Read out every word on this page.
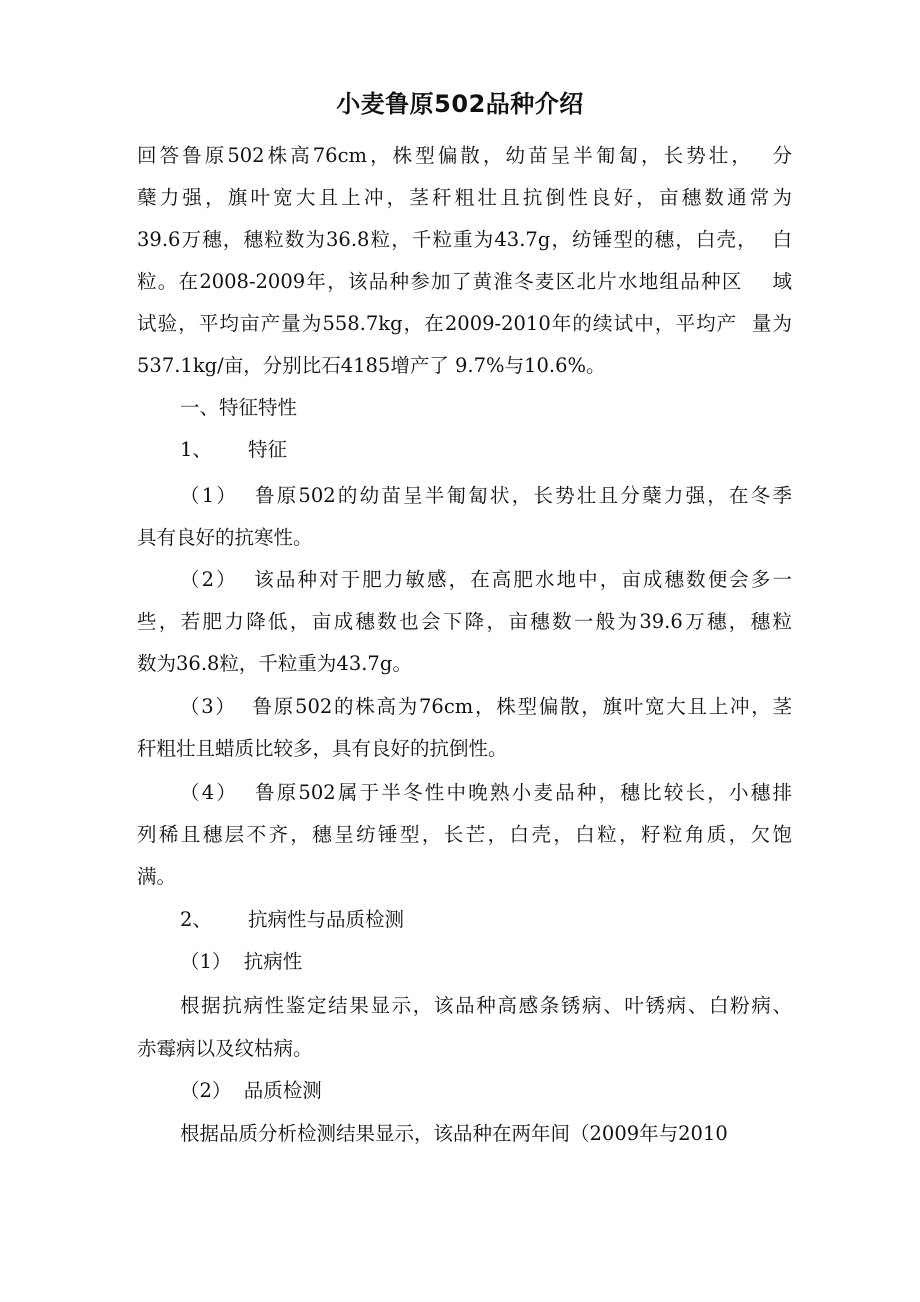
小麦鲁原502品种介绍
回答鲁原502株高76cm，株型偏散，幼苗呈半匍匐，长势壮，  分
蘖力强，旗叶宽大且上冲，茎秆粗壮且抗倒性良好，亩穗数通常为
39.6万穗，穗粒数为36.8粒，千粒重为43.7g，纺锤型的穗，白壳，  白
粒。在2008-2009年，该品种参加了黄淮冬麦区北片水地组品种区    域
试验，平均亩产量为558.7kg，在2009-2010年的续试中，平均产  量为
537.1kg/亩，分别比石4185增产了 9.7%与10.6%。
一、特征特性
1、 特征
（1）  鲁原502的幼苗呈半匍匐状，长势壮且分蘖力强，在冬季
具有良好的抗寒性。
（2）  该品种对于肥力敏感，在高肥水地中，亩成穗数便会多一
些，若肥力降低，亩成穗数也会下降，亩穗数一般为39.6万穗，穗粒
数为36.8粒，千粒重为43.7g。
（3）  鲁原502的株高为76cm，株型偏散，旗叶宽大且上冲，茎
秆粗壮且蜡质比较多，具有良好的抗倒性。
（4）  鲁原502属于半冬性中晚熟小麦品种，穗比较长，小穗排
列稀且穗层不齐，穗呈纺锤型，长芒，白壳，白粒，籽粒角质，欠饱
满。
2、 抗病性与品质检测
（1）  抗病性
根据抗病性鉴定结果显示，该品种高感条锈病、叶锈病、白粉病、
赤霉病以及纹枯病。
（2）  品质检测
根据品质分析检测结果显示，该品种在两年间（2009年与2010
